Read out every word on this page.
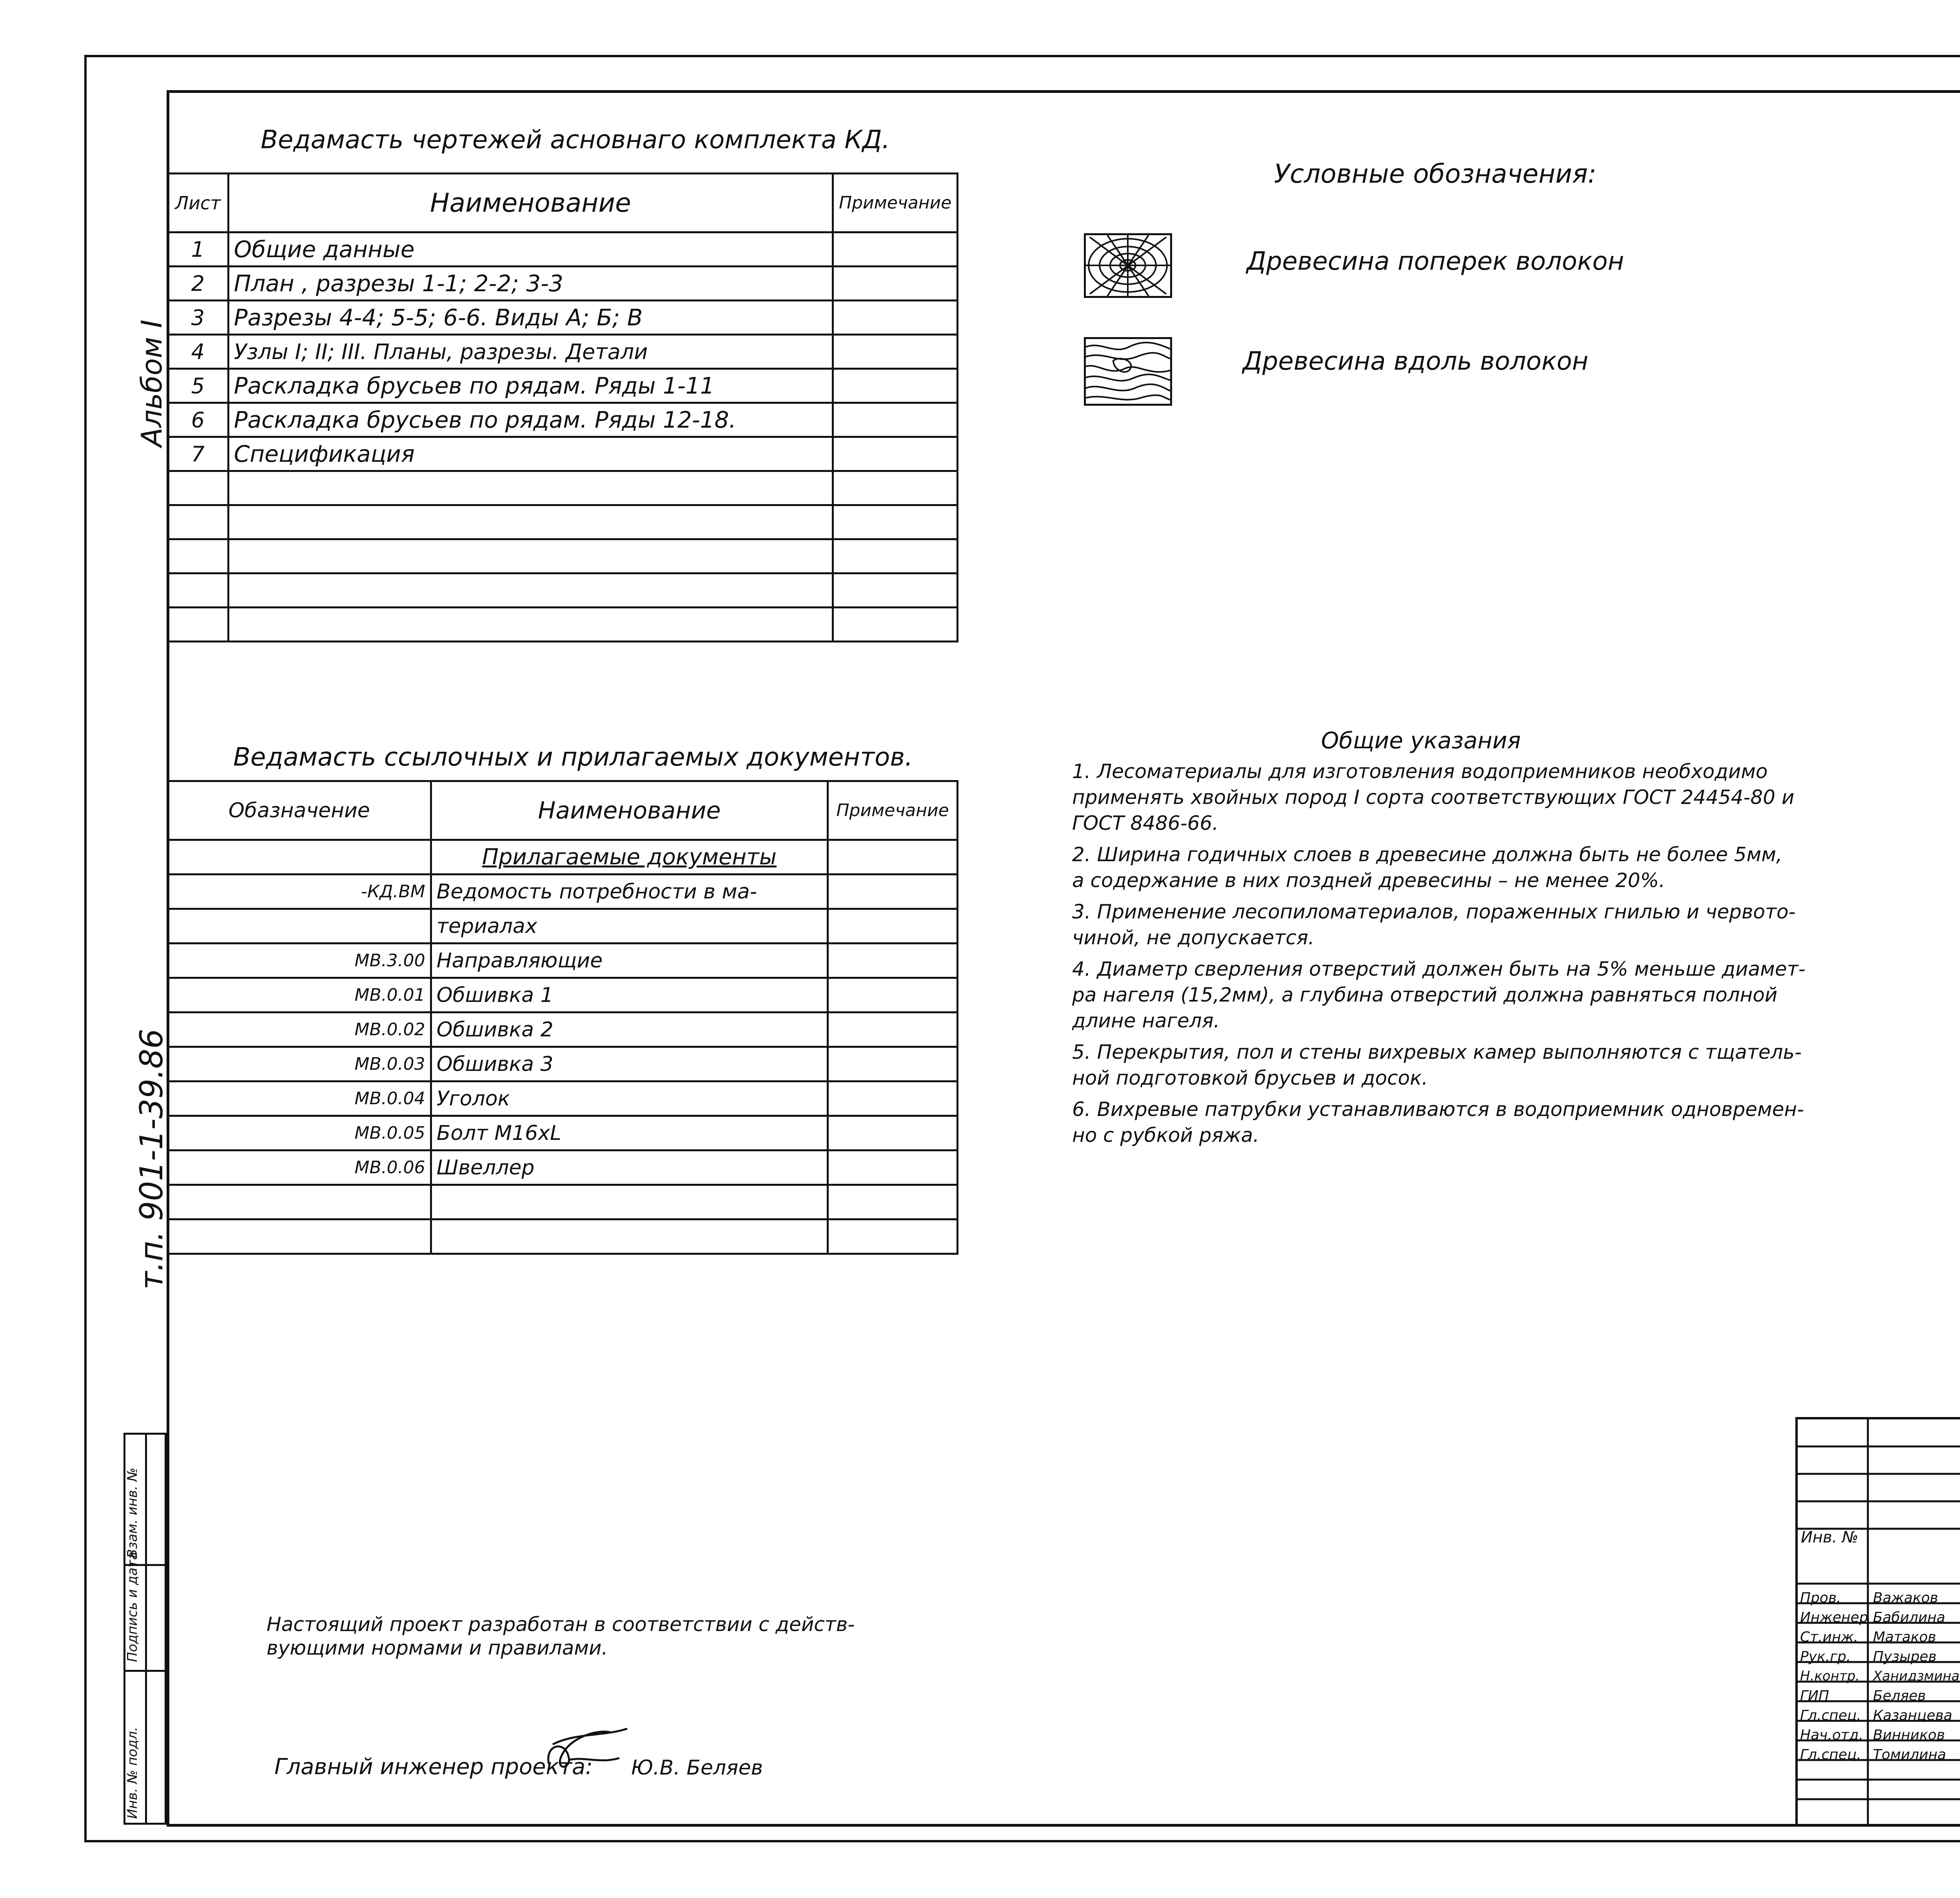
Альбом I
Ведамасть чертежей асновнаго комплекта КД.
Лист	Наименование	Примечание
1	Общие данные	
2	План , разрезы 1-1; 2-2; 3-3	
3	Разрезы 4-4; 5-5; 6-6. Виды А; Б; В	
4	Узлы I; II; III. Планы, разрезы. Детали	
5	Раскладка брусьев по рядам. Ряды 1-11	
6	Раскладка брусьев по рядам. Ряды 12-18.	
7	Спецификация	

Условные обозначения:
Древесина поперек волокон
Древесина вдоль волокон
Ведамасть ссылочных и прилагаемых документов.
Обазначение	Наименование	Примечание
	Прилагаемые документы	
-КД.ВМ	Ведомость потребности в ма-	
	териалах	
МВ.3.00	Направляющие	
МВ.0.01	Обшивка 1	
МВ.0.02	Обшивка 2	
МВ.0.03	Обшивка 3	
МВ.0.04	Уголок	
МВ.0.05	Болт М16хL	
МВ.0.06	Швеллер	

т.п. 901-1-39.86
Общие указания
1. Лесоматериалы для изготовления водоприемников необходимо
применять хвойных пород I сорта соответствующих ГОСТ 24454-80 и
ГОСТ 8486-66.
2. Ширина годичных слоев в древесине должна быть не более 5мм,
а содержание в них поздней древесины – не менее 20%.
3. Применение лесопиломатериалов, пораженных гнилью и червото-
чиной, не допускается.
4. Диаметр сверления отверстий должен быть на 5% меньше диамет-
ра нагеля (15,2мм), а глубина отверстий должна равняться полной
длине нагеля.
5. Перекрытия, пол и стены вихревых камер выполняются с тщатель-
ной подготовкой брусьев и досок.
6. Вихревые патрубки устанавливаются в водоприемник одновремен-
но с рубкой ряжа.
Инв. № подл.
Подпись и дата
Взам. инв. №
Настоящий проект разработан в соответствии с действ-
вующими нормами и правилами.
Главный инженер проекта: Ю.В. Беляев
Инв. №
Пров. Важаков
Инженер Бабилина
Ст.инж. Матаков
Рук.гр. Пузырев
Н.контр. Ханидзмина
ГИП	Беляев
Гл.спец. Казанцева
Нач.отд. Винников
Гл.спец. Томилина
